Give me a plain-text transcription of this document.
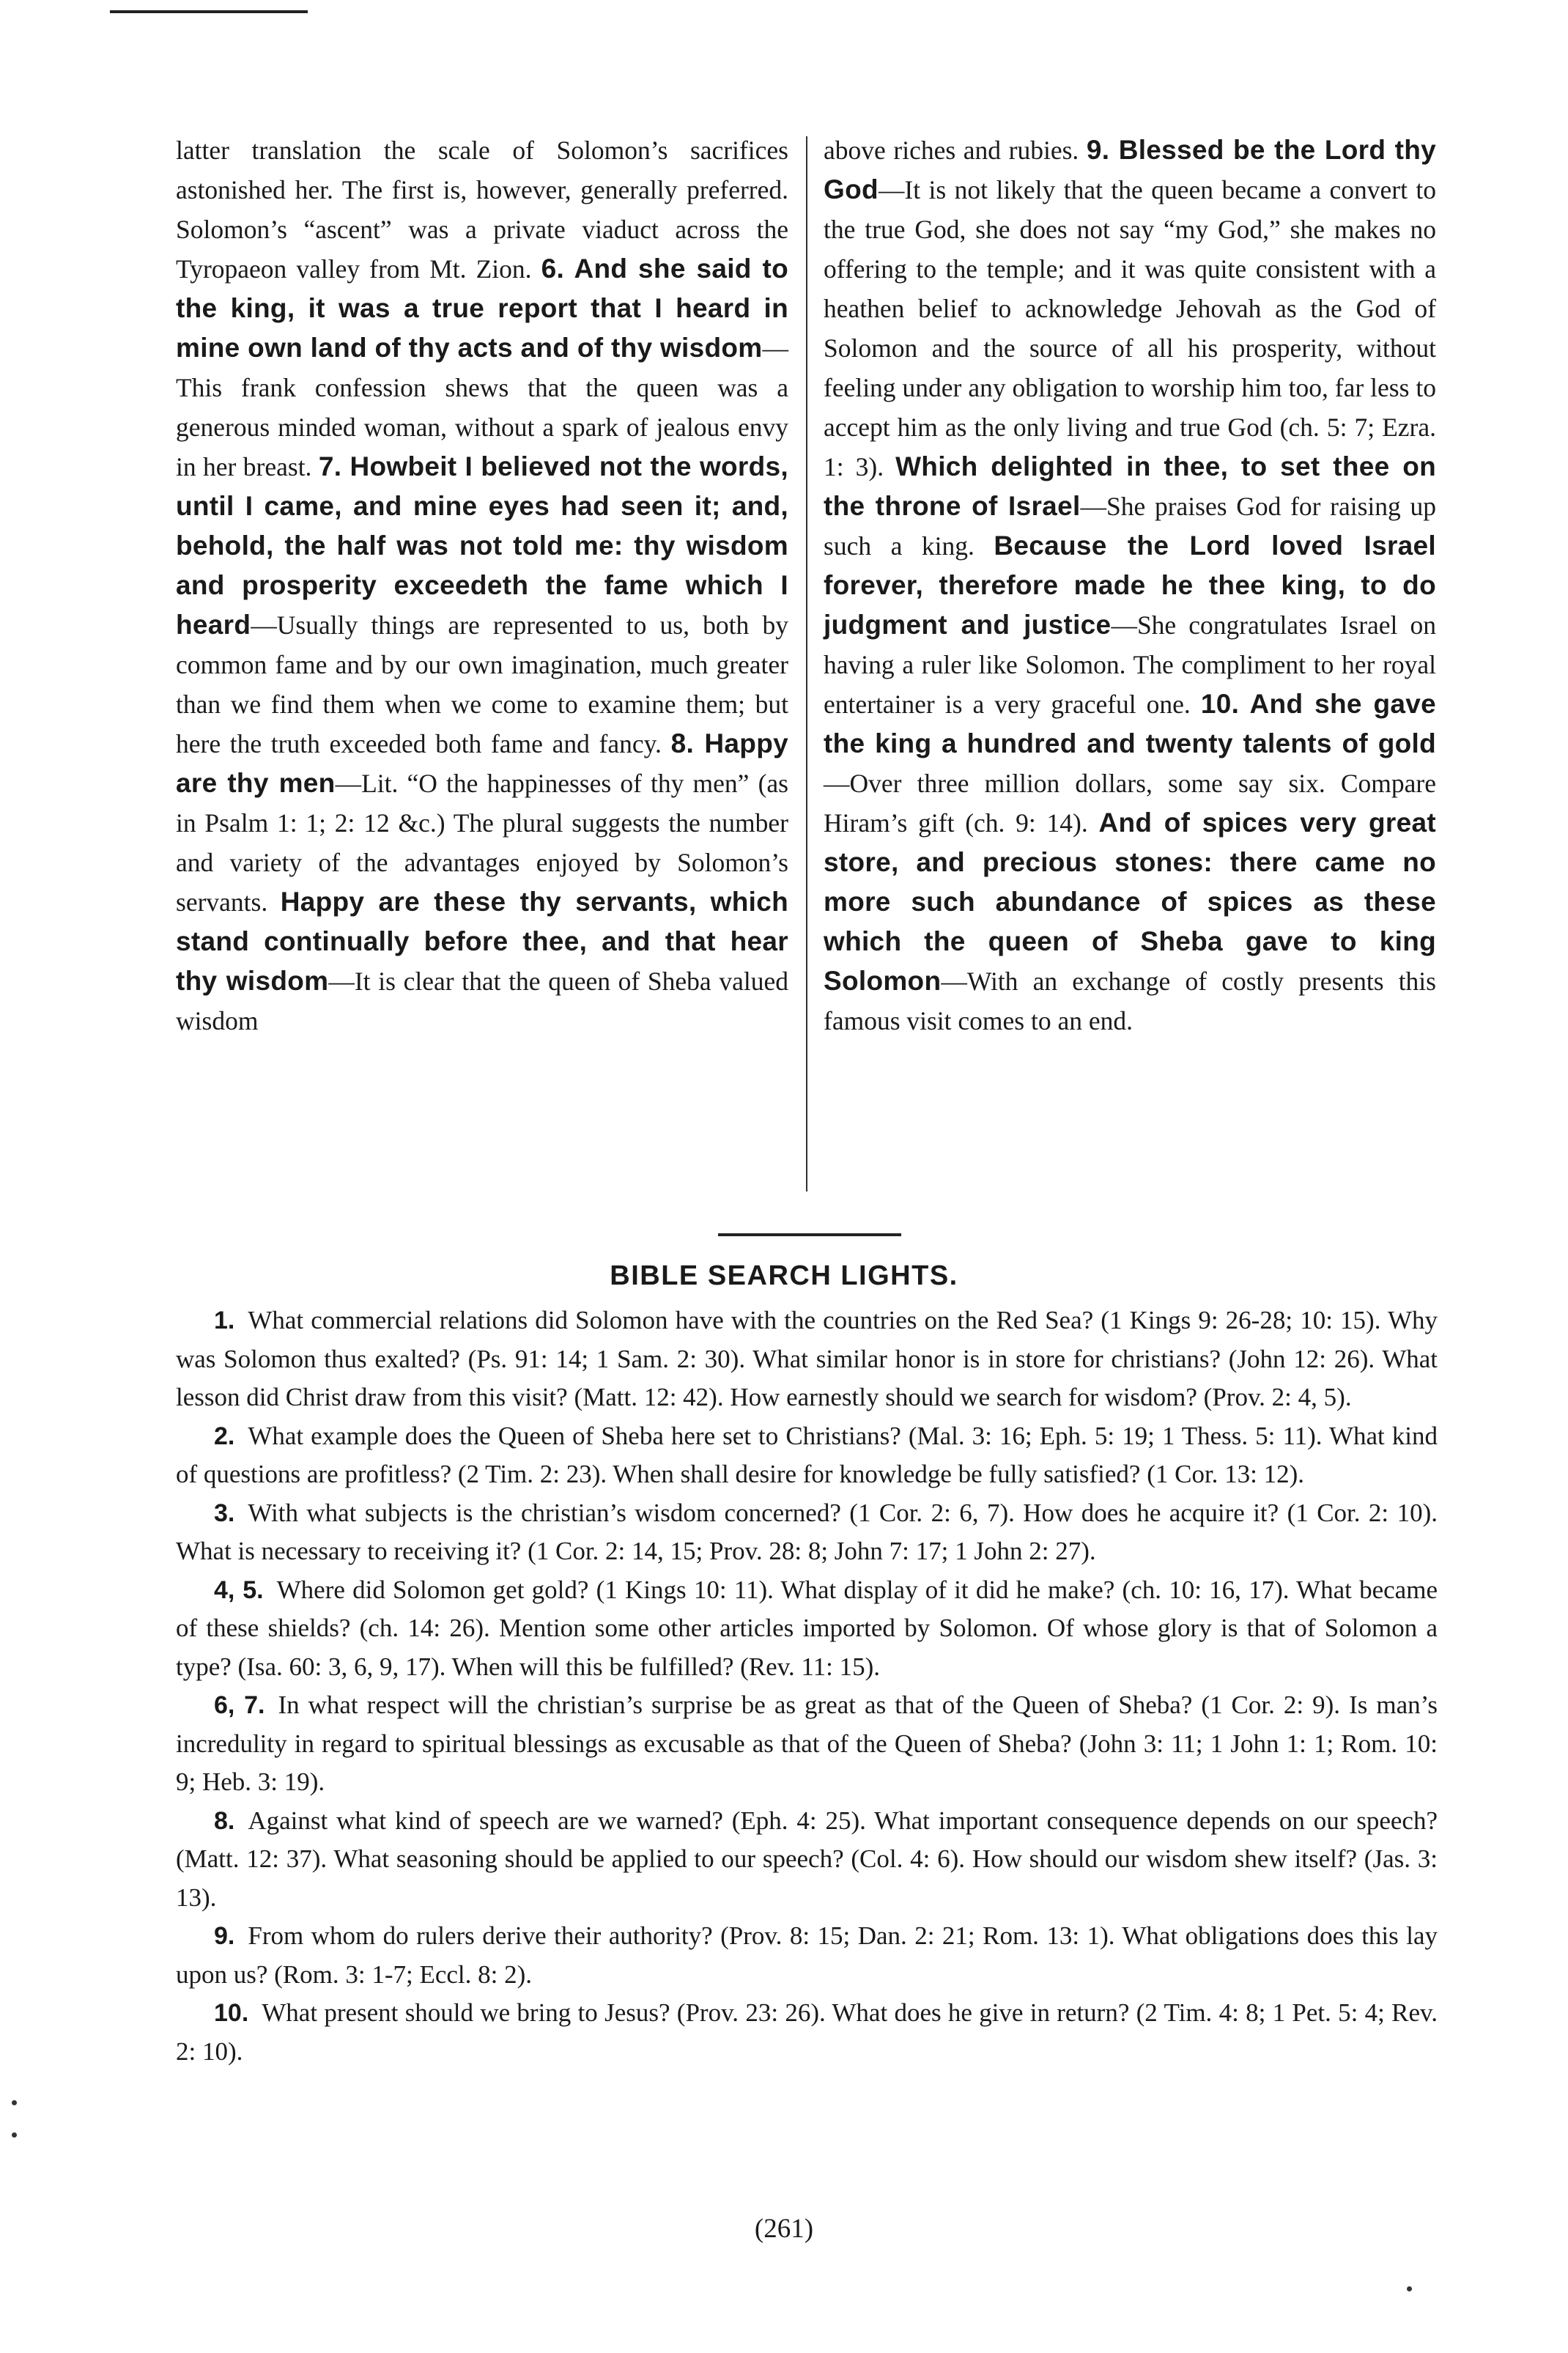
latter translation the scale of Solomon’s sacrifices astonished her. The first is, however, generally preferred. Solomon’s “ascent” was a private viaduct across the Tyropaeon valley from Mt. Zion. 6. And she said to the king, it was a true report that I heard in mine own land of thy acts and of thy wisdom—This frank confession shews that the queen was a generous minded woman, without a spark of jealous envy in her breast. 7. Howbeit I believed not the words, until I came, and mine eyes had seen it; and, behold, the half was not told me: thy wisdom and prosperity exceedeth the fame which I heard—Usually things are represented to us, both by common fame and by our own imagination, much greater than we find them when we come to examine them; but here the truth exceeded both fame and fancy. 8. Happy are thy men—Lit. “O the happinesses of thy men” (as in Psalm 1: 1; 2: 12 &c.) The plural suggests the number and variety of the advantages enjoyed by Solomon’s servants. Happy are these thy servants, which stand continually before thee, and that hear thy wisdom—It is clear that the queen of Sheba valued wisdom

above riches and rubies. 9. Blessed be the Lord thy God—It is not likely that the queen became a convert to the true God, she does not say “my God,” she makes no offering to the temple; and it was quite consistent with a heathen belief to acknowledge Jehovah as the God of Solomon and the source of all his prosperity, without feeling under any obligation to worship him too, far less to accept him as the only living and true God (ch. 5: 7; Ezra. 1: 3). Which delighted in thee, to set thee on the throne of Israel—She praises God for raising up such a king. Because the Lord loved Israel forever, therefore made he thee king, to do judgment and justice—She congratulates Israel on having a ruler like Solomon. The compliment to her royal entertainer is a very graceful one. 10. And she gave the king a hundred and twenty talents of gold—Over three million dollars, some say six. Compare Hiram’s gift (ch. 9: 14). And of spices very great store, and precious stones: there came no more such abundance of spices as these which the queen of Sheba gave to king Solomon—With an exchange of costly presents this famous visit comes to an end.

BIBLE SEARCH LIGHTS.

1. What commercial relations did Solomon have with the countries on the Red Sea? (1 Kings 9: 26-28; 10: 15). Why was Solomon thus exalted? (Ps. 91: 14; 1 Sam. 2: 30). What similar honor is in store for christians? (John 12: 26). What lesson did Christ draw from this visit? (Matt. 12: 42). How earnestly should we search for wisdom? (Prov. 2: 4, 5).

2. What example does the Queen of Sheba here set to Christians? (Mal. 3: 16; Eph. 5: 19; 1 Thess. 5: 11). What kind of questions are profitless? (2 Tim. 2: 23). When shall desire for knowledge be fully satisfied? (1 Cor. 13: 12).

3. With what subjects is the christian’s wisdom concerned? (1 Cor. 2: 6, 7). How does he acquire it? (1 Cor. 2: 10). What is necessary to receiving it? (1 Cor. 2: 14, 15; Prov. 28: 8; John 7: 17; 1 John 2: 27).

4, 5. Where did Solomon get gold? (1 Kings 10: 11). What display of it did he make? (ch. 10: 16, 17). What became of these shields? (ch. 14: 26). Mention some other articles imported by Solomon. Of whose glory is that of Solomon a type? (Isa. 60: 3, 6, 9, 17). When will this be fulfilled? (Rev. 11: 15).

6, 7. In what respect will the christian’s surprise be as great as that of the Queen of Sheba? (1 Cor. 2: 9). Is man’s incredulity in regard to spiritual blessings as excusable as that of the Queen of Sheba? (John 3: 11; 1 John 1: 1; Rom. 10: 9; Heb. 3: 19).

8. Against what kind of speech are we warned? (Eph. 4: 25). What important consequence depends on our speech? (Matt. 12: 37). What seasoning should be applied to our speech? (Col. 4: 6). How should our wisdom shew itself? (Jas. 3: 13).

9. From whom do rulers derive their authority? (Prov. 8: 15; Dan. 2: 21; Rom. 13: 1). What obligations does this lay upon us? (Rom. 3: 1-7; Eccl. 8: 2).

10. What present should we bring to Jesus? (Prov. 23: 26). What does he give in return? (2 Tim. 4: 8; 1 Pet. 5: 4; Rev. 2: 10).

(261)
